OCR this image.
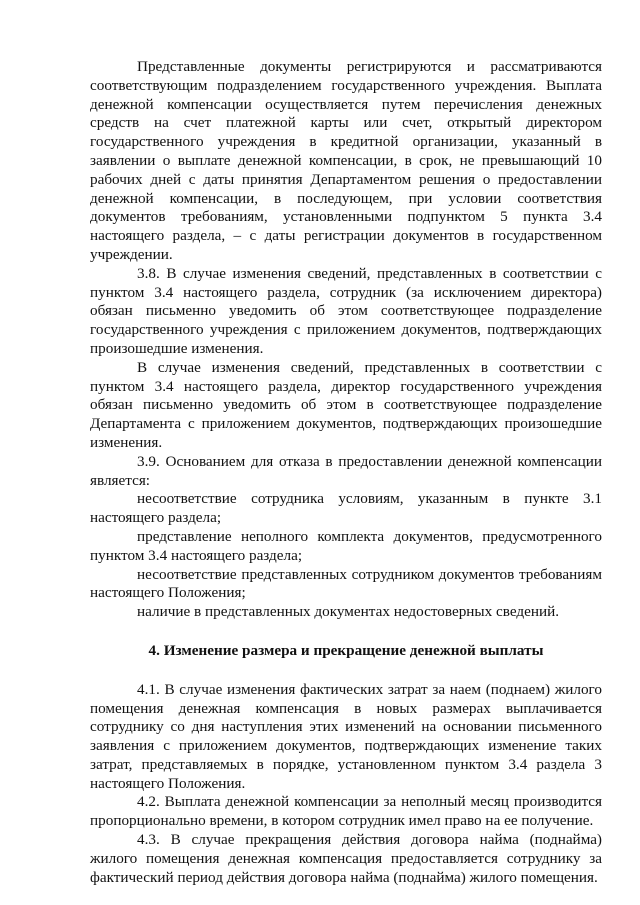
Представленные документы регистрируются и рассматриваются соответствующим подразделением государственного учреждения. Выплата денежной компенсации осуществляется путем перечисления денежных средств на счет платежной карты или счет, открытый директором государственного учреждения в кредитной организации, указанный в заявлении о выплате денежной компенсации, в срок, не превышающий 10 рабочих дней с даты принятия Департаментом решения о предоставлении денежной компенсации, в последующем, при условии соответствия документов требованиям, установленными подпунктом 5 пункта 3.4 настоящего раздела, – с даты регистрации документов в государственном учреждении.

3.8. В случае изменения сведений, представленных в соответствии с пунктом 3.4 настоящего раздела, сотрудник (за исключением директора) обязан письменно уведомить об этом соответствующее подразделение государственного учреждения с приложением документов, подтверждающих произошедшие изменения.

В случае изменения сведений, представленных в соответствии с пунктом 3.4 настоящего раздела, директор государственного учреждения обязан письменно уведомить об этом в соответствующее подразделение Департамента с приложением документов, подтверждающих произошедшие изменения.

3.9. Основанием для отказа в предоставлении денежной компенсации является:

несоответствие сотрудника условиям, указанным в пункте 3.1 настоящего раздела;

представление неполного комплекта документов, предусмотренного пунктом 3.4 настоящего раздела;

несоответствие представленных сотрудником документов требованиям настоящего Положения;

наличие в представленных документах недостоверных сведений.

4. Изменение размера и прекращение денежной выплаты

4.1. В случае изменения фактических затрат за наем (поднаем) жилого помещения денежная компенсация в новых размерах выплачивается сотруднику со дня наступления этих изменений на основании письменного заявления с приложением документов, подтверждающих изменение таких затрат, представляемых в порядке, установленном пунктом 3.4 раздела 3 настоящего Положения.

4.2. Выплата денежной компенсации за неполный месяц производится пропорционально времени, в котором сотрудник имел право на ее получение.

4.3. В случае прекращения действия договора найма (поднайма) жилого помещения денежная компенсация предоставляется сотруднику за фактический период действия договора найма (поднайма) жилого помещения.
